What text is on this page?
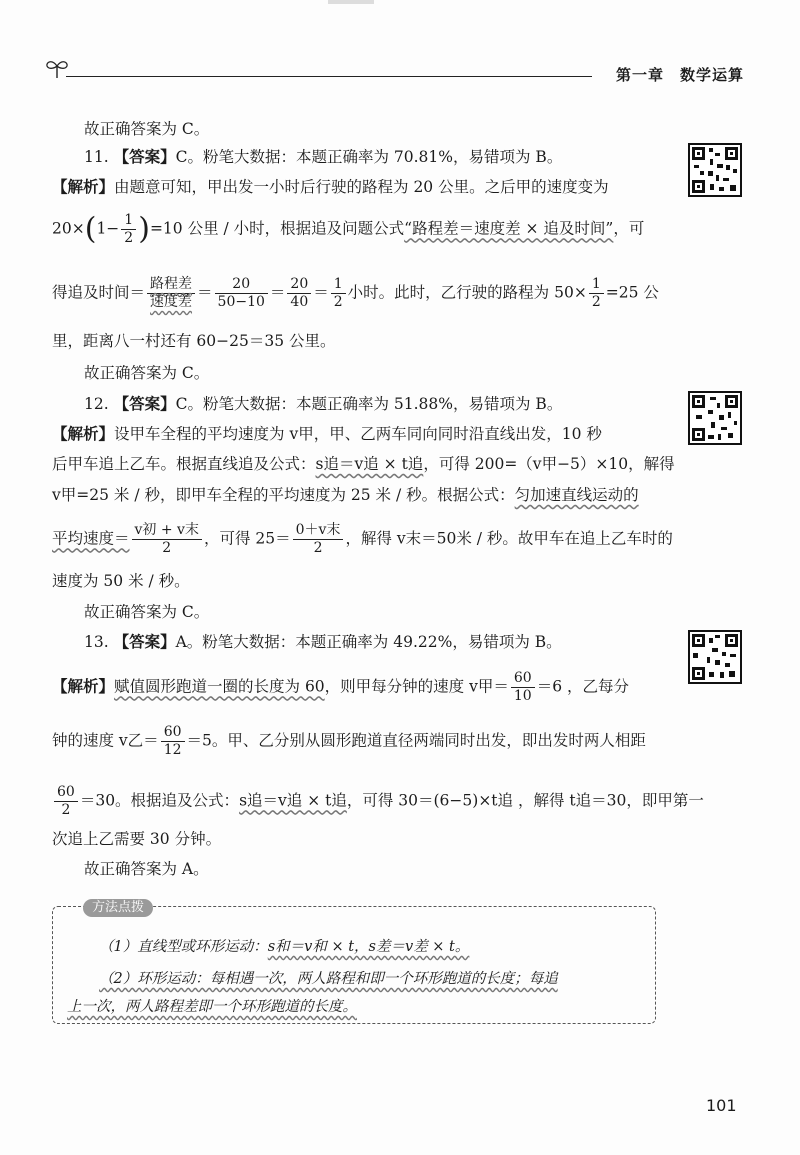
第一章　数学运算
故正确答案为 C。
11. 【答案】C。粉笔大数据：本题正确率为 70.81%，易错项为 B。
【解析】由题意可知，甲出发一小时后行驶的路程为 20 公里。之后甲的速度变为
$20\times(1- \frac{1}{2} )=10$ 公里 / 小时，根据追及问题公式“路程差＝速度差 × 追及时间”，可
得追及时间＝ $\frac{\text{路程差}}{\text{速度差}} = \frac{20}{50-10} = \frac{20}{40} = \frac{1}{2}$ 小时。此时，乙行驶的路程为 $50\times \frac{1}{2} =25$ 公
里，距离八一村还有 60−25＝35 公里。
故正确答案为 C。
12. 【答案】C。粉笔大数据：本题正确率为 51.88%，易错项为 B。
【解析】设甲车全程的平均速度为 v甲，甲、乙两车同向同时沿直线出发，10 秒
后甲车追上乙车。根据直线追及公式：s追＝v追 × t追，可得 200=（v甲−5）×10，解得
v甲=25 米 / 秒，即甲车全程的平均速度为 25 米 / 秒。根据公式：匀加速直线运动的
平均速度＝ $\frac{\text{v初 + v末}}{2}$ ，可得 $25= \frac{\text{0＋v末}}{2}$ ，解得 v末＝50米 / 秒。故甲车在追上乙车时的
速度为 50 米 / 秒。
故正确答案为 C。
13. 【答案】A。粉笔大数据：本题正确率为 49.22%，易错项为 B。
【解析】赋值圆形跑道一圈的长度为 60，则甲每分钟的速度 v甲＝ $\frac{60}{10} =6$ ，乙每分
钟的速度 v乙＝ $\frac{60}{12} =5$。甲、乙分别从圆形跑道直径两端同时出发，即出发时两人相距
$\frac{60}{2} =30$。根据追及公式：s追＝v追 × t追，可得 30＝(6−5)×t追 ，解得 t追＝30，即甲第一
次追上乙需要 30 分钟。
故正确答案为 A。
方法点拨
（1）直线型或环形运动：s和＝v和 × t，s差＝v差 × t。
（2）环形运动：每相遇一次，两人路程和即一个环形跑道的长度；每追
上一次，两人路程差即一个环形跑道的长度。
101
